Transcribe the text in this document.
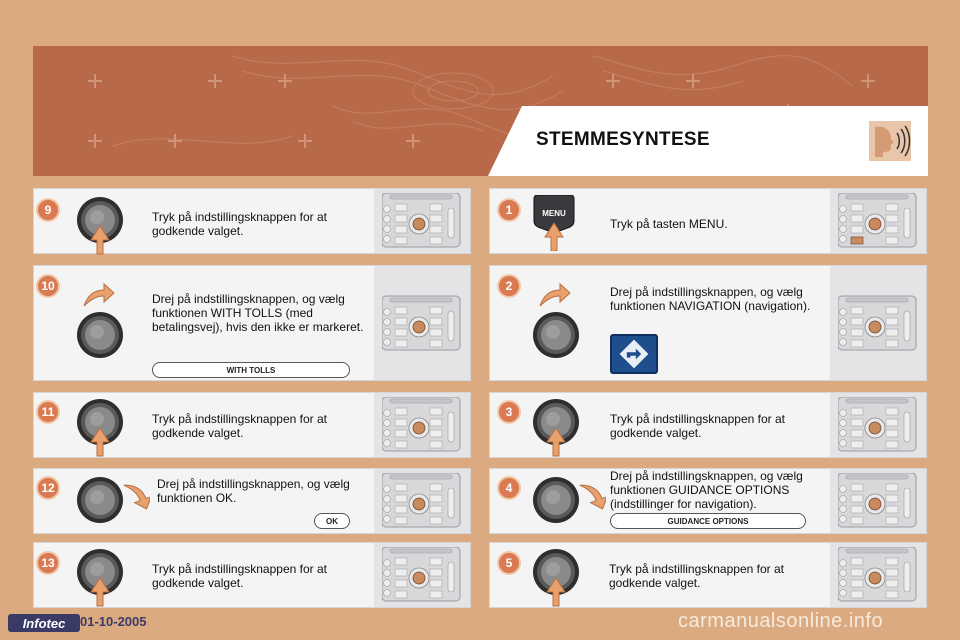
STEMMESYNTESE
9	Tryk på indstillingsknappen for at godkende valget.
10
Drej på indstillingsknappen, og vælg funktionen WITH TOLLS (med betalingsvej), hvis den ikke er markeret.
WITH TOLLS
11	Tryk på indstillingsknappen for at godkende valget.
12	Drej på indstillingsknappen, og vælg funktionen OK.
OK
13	Tryk på indstillingsknappen for at godkende valget.
1	MENU
Tryk på tasten MENU.
2	Drej på indstillingsknappen, og vælg funktionen NAVIGATION (navigation).
3	Tryk på indstillingsknappen for at godkende valget.
4
Drej på indstillingsknappen, og vælg funktionen GUIDANCE OPTIONS (indstillinger for navigation).
GUIDANCE OPTIONS
5	Tryk på indstillingsknappen for at godkende valget.
Infotec	01-10-2005	carmanualsonline.info
